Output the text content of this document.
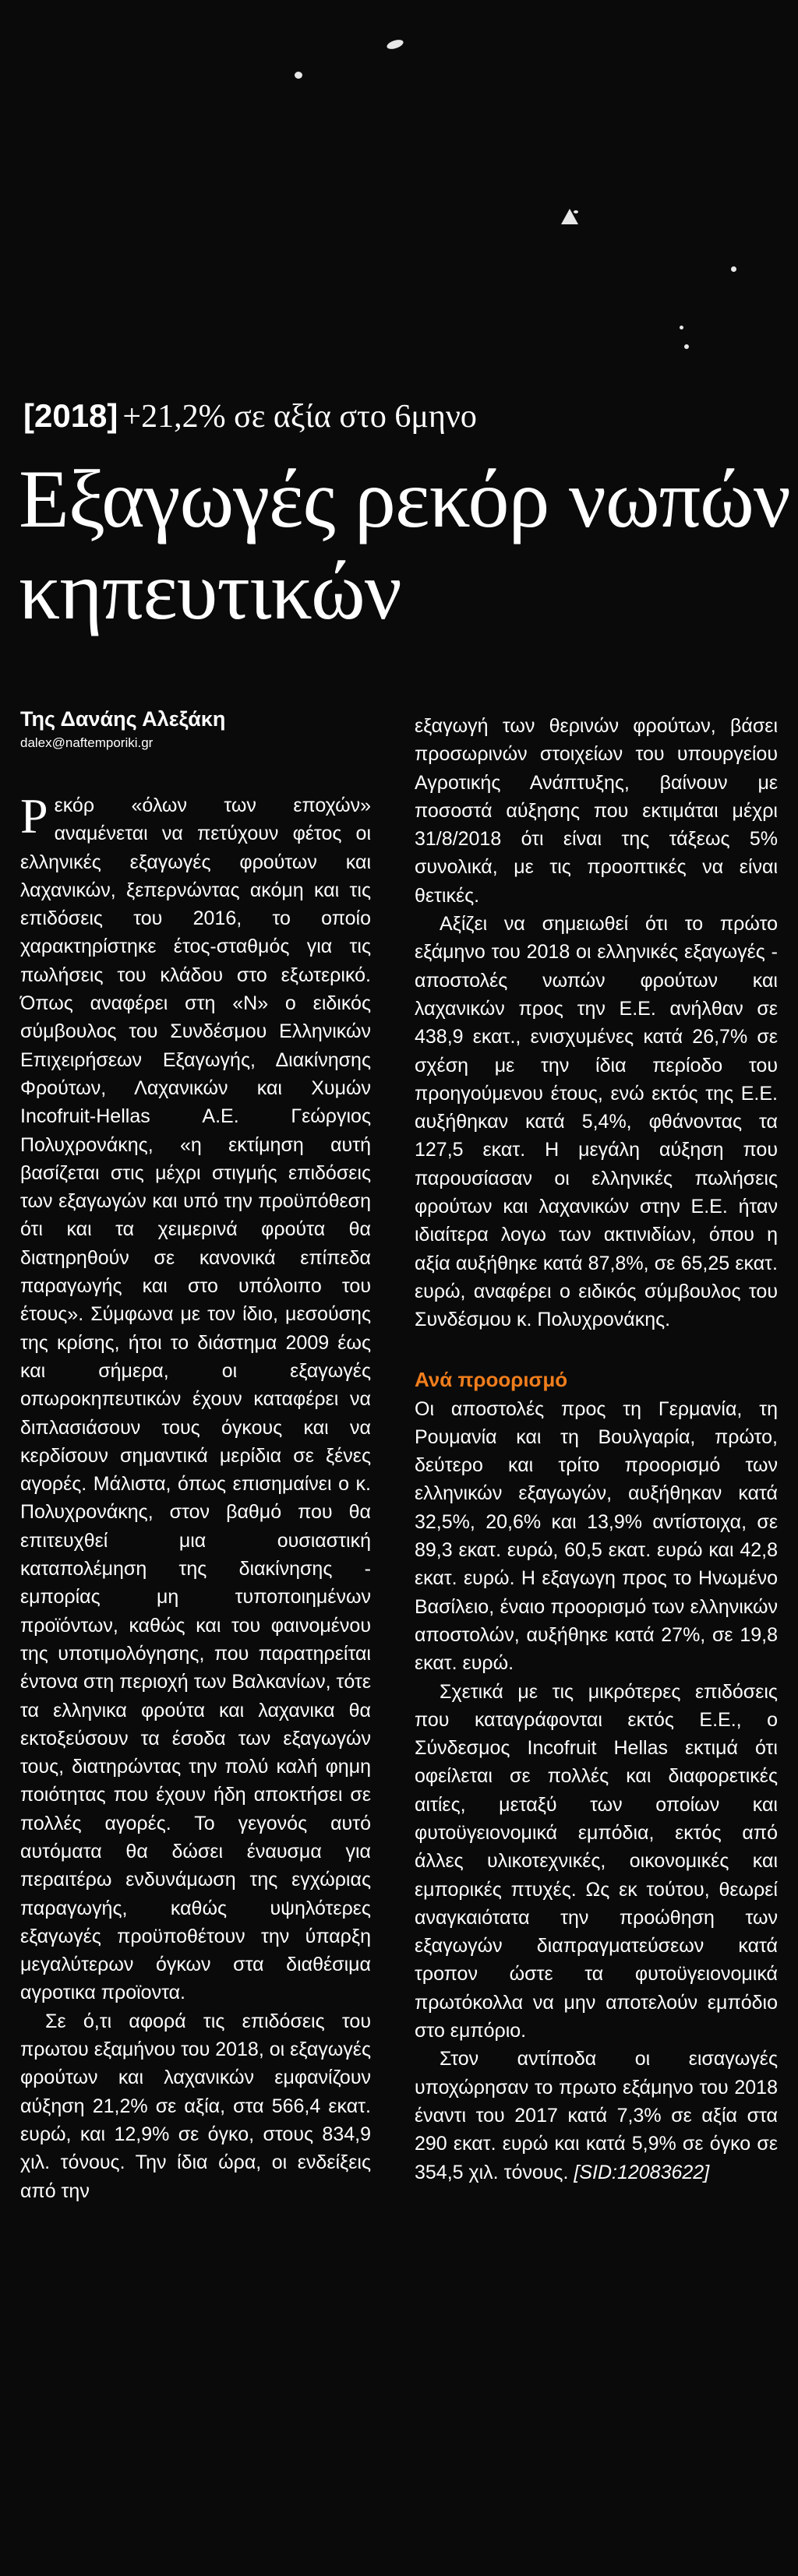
[2018] +21,2% σε αξία στο 6μηνο
Εξαγωγές ρεκόρ νωπών κηπευτικών
Της Δανάης Αλεξάκη
dalex@naftemporiki.gr

Ρεκόρ «όλων των εποχών» αναμένεται να πετύχουν φέτος οι ελληνικές εξαγωγές φρούτων και λαχανικών, ξεπερνώντας ακόμη και τις επιδόσεις του 2016, το οποίο χαρακτηρίστηκε έτος-σταθμός για τις πωλήσεις του κλάδου στο εξωτερικό. Όπως αναφέρει στη «Ν» ο ειδικός σύμβουλος του Συνδέσμου Ελληνικών Επιχειρήσεων Εξαγωγής, Διακίνησης Φρούτων, Λαχανικών και Χυμών Incofruit-Hellas Α.Ε. Γεώργιος Πολυχρονάκης, «η εκτίμηση αυτή βασίζεται στις μέχρι στιγμής επιδόσεις των εξαγωγών και υπό την προϋπόθεση ότι και τα χειμερινά φρούτα θα διατηρηθούν σε κανονικά επίπεδα παραγωγής και στο υπόλοιπο του έτους». Σύμφωνα με τον ίδιο, μεσούσης της κρίσης, ήτοι το διάστημα 2009 έως και σήμερα, οι εξαγωγές οπωροκηπευτικών έχουν καταφέρει να διπλασιάσουν τους όγκους και να κερδίσουν σημαντικά μερίδια σε ξένες αγορές. Μάλιστα, όπως επισημαίνει ο κ. Πολυχρονάκης, στον βαθμό που θα επιτευχθεί μια ουσιαστική καταπολέμηση της διακίνησης - εμπορίας μη τυποποιημένων προϊόντων, καθώς και του φαινομένου της υποτιμολόγησης, που παρατηρείται έντονα στη περιοχή των Βαλκανίων, τότε τα ελληνικα φρούτα και λαχανικα θα εκτοξεύσουν τα έσοδα των εξαγωγών τους, διατηρώντας την πολύ καλή φημη ποιότητας που έχουν ήδη αποκτήσει σε πολλές αγορές. Το γεγονός αυτό αυτόματα θα δώσει έναυσμα για περαιτέρω ενδυνάμωση της εγχώριας παραγωγής, καθώς υψηλότερες εξαγωγές προϋποθέτουν την ύπαρξη μεγαλύτερων όγκων στα διαθέσιμα αγροτικα προϊοντα.

Σε ό,τι αφορά τις επιδόσεις του πρωτου εξαμήνου του 2018, οι εξαγωγές φρούτων και λαχανικών εμφανίζουν αύξηση 21,2% σε αξία, στα 566,4 εκατ. ευρώ, και 12,9% σε όγκο, στους 834,9 χιλ. τόνους. Την ίδια ώρα, οι ενδείξεις από την

εξαγωγή των θερινών φρούτων, βάσει προσωρινών στοιχείων του υπουργείου Αγροτικής Ανάπτυξης, βαίνουν με ποσοστά αύξησης που εκτιμάται μέχρι 31/8/2018 ότι είναι της τάξεως 5% συνολικά, με τις προοπτικές να είναι θετικές.

Αξίζει να σημειωθεί ότι το πρώτο εξάμηνο του 2018 οι ελληνικές εξαγωγές - αποστολές νωπών φρούτων και λαχανικών προς την Ε.Ε. ανήλθαν σε 438,9 εκατ., ενισχυμένες κατά 26,7% σε σχέση με την ίδια περίοδο του προηγούμενου έτους, ενώ εκτός της Ε.Ε. αυξήθηκαν κατά 5,4%, φθάνοντας τα 127,5 εκατ. Η μεγάλη αύξηση που παρουσίασαν οι ελληνικές πωλήσεις φρούτων και λαχανικών στην Ε.Ε. ήταν ιδιαίτερα λογω των ακτινιδίων, όπου η αξία αυξήθηκε κατά 87,8%, σε 65,25 εκατ. ευρώ, αναφέρει ο ειδικός σύμβουλος του Συνδέσμου κ. Πολυχρονάκης.

Ανά προορισμό

Οι αποστολές προς τη Γερμανία, τη Ρουμανία και τη Βουλγαρία, πρώτο, δεύτερο και τρίτο προορισμό των ελληνικών εξαγωγών, αυξήθηκαν κατά 32,5%, 20,6% και 13,9% αντίστοιχα, σε 89,3 εκατ. ευρώ, 60,5 εκατ. ευρώ και 42,8 εκατ. ευρώ. Η εξαγωγη προς το Ηνωμένο Βασίλειο, έναιο προορισμό των ελληνικών αποστολών, αυξήθηκε κατά 27%, σε 19,8 εκατ. ευρώ.

Σχετικά με τις μικρότερες επιδόσεις που καταγράφονται εκτός Ε.Ε., ο Σύνδεσμος Incofruit Hellas εκτιμά ότι οφείλεται σε πολλές και διαφορετικές αιτίες, μεταξύ των οποίων και φυτοϋγειονομικά εμπόδια, εκτός από άλλες υλικοτεχνικές, οικονομικές και εμπορικές πτυχές. Ως εκ τούτου, θεωρεί αναγκαιότατα την προώθηση των εξαγωγών διαπραγματεύσεων κατά τροπον ώστε τα φυτοϋγειονομικά πρωτόκολλα να μην αποτελούν εμπόδιο στο εμπόριο.

Στον αντίποδα οι εισαγωγές υποχώρησαν το πρωτο εξάμηνο του 2018 έναντι του 2017 κατά 7,3% σε αξία στα 290 εκατ. ευρώ και κατά 5,9% σε όγκο σε 354,5 χιλ. τόνους. [SID:12083622]
